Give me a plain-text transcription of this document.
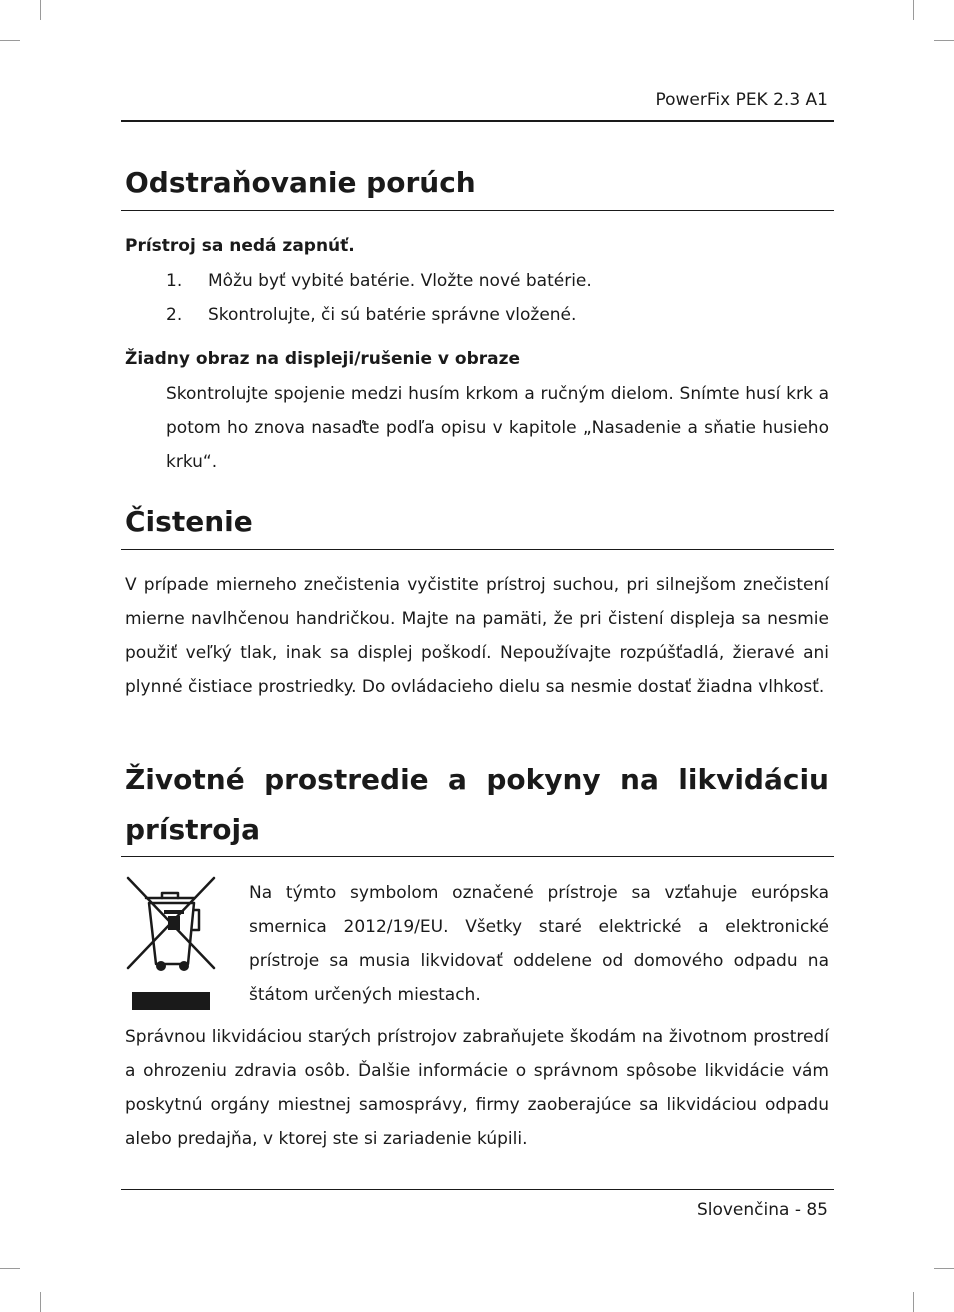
PowerFix PEK 2.3 A1
Odstraňovanie porúch
Prístroj sa nedá zapnúť.
1. Môžu byť vybité batérie. Vložte nové batérie.
2. Skontrolujte, či sú batérie správne vložené.
Žiadny obraz na displeji/rušenie v obraze

Skontrolujte spojenie medzi husím krkom a ručným dielom. Snímte husí krk a potom ho znova nasaďte podľa opisu v kapitole „Nasadenie a sňatie husieho krku“.

Čistenie

V prípade mierneho znečistenia vyčistite prístroj suchou, pri silnejšom znečistení mierne navlhčenou handričkou. Majte na pamäti, že pri čistení displeja sa nesmie použiť veľký tlak, inak sa displej poškodí. Nepoužívajte rozpúšťadlá, žieravé ani plynné čistiace prostriedky. Do ovládacieho dielu sa nesmie dostať žiadna vlhkosť.

Životné prostredie a pokyny na likvidáciu
prístroja

Na týmto symbolom označené prístroje sa vzťahuje európska smernica 2012/19/EU. Všetky staré elektrické a elektronické prístroje sa musia likvidovať oddelene od domového odpadu na štátom určených miestach.

Správnou likvidáciou starých prístrojov zabraňujete škodám na životnom prostredí a ohrozeniu zdravia osôb. Ďalšie informácie o správnom spôsobe likvidácie vám poskytnú orgány miestnej samosprávy, firmy zaoberajúce sa likvidáciou odpadu alebo predajňa, v ktorej ste si zariadenie kúpili.

Slovenčina - 85
